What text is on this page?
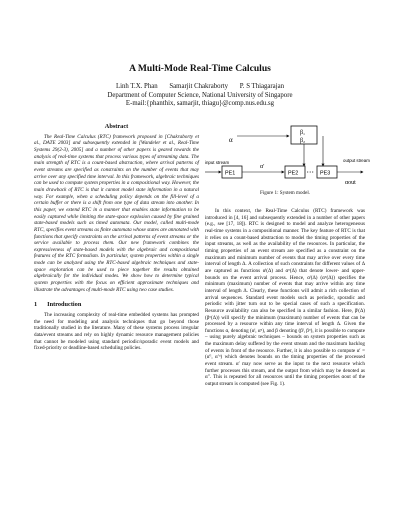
A Multi-Mode Real-Time Calculus
Linh T.X. Phan Samarjit Chakraborty P. S Thiagarajan
Department of Computer Science, National University of Singapore
E-mail:{phanthix, samarjit, thiagu}@comp.nus.edu.sg
Abstract
The Real-Time Calculus (RTC) framework proposed in [Chakraborty et al., DATE 2003] and subsequently extended in [Wandeler et al., Real-Time Systems 29(2-3), 2005] and a number of other papers is geared towards the analysis of real-time systems that process various types of streaming data. The main strength of RTC is a count-based abstraction, where arrival patterns of event streams are specified as constraints on the number of events that may arrive over any specified time interval. In this framework, algebraic techniques can be used to compute system properties in a compositional way. However, the main drawback of RTC is that it cannot model state information in a natural way. For example, when a scheduling policy depends on the fill-level of a certain buffer or there is a shift from one type of data stream into another. In this paper, we extend RTC in a manner that enables state information to be easily captured while limiting the state-space explosion caused by fine grained state-based models such as timed automata. Our model, called multi-mode RTC, specifies event streams as finite automata whose states are annotated with functions that specify constraints on the arrival patterns of event streams or the service available to process them. Our new framework combines the expressiveness of state-based models with the algebraic and compositional features of the RTC formalism. In particular, system properties within a single mode can be analyzed using the RTC-based algebraic techniques and state-space exploration can be used to piece together the results obtained algebraically for the individual modes. We show how to determine typical system properties with the focus on efficient approximate techniques and illustrate the advantages of multi-mode RTC using two case studies.
1 Introduction
The increasing complexity of real-time embedded systems has prompted the need for modeling and analysis techniques that go beyond those traditionally studied in the literature. Many of these systems process irregular data/event streams and rely on highly dynamic resource management policies that cannot be modeled using standard periodic/sporadic event models and fixed-priority or deadline-based scheduling policies.
β₁
β₂
α
input stream
PE1
α′
PE2 • • • PE3
output stream
αout
Figure 1: System model.
In this context, the Real-Time Calculus (RTC) framework was introduced in [4, 16] and subsequently extended in a number of other papers (e.g., see [17, 18]). RTC is designed to model and analyze heterogeneous real-time systems in a compositional manner. The key feature of RTC is that it relies on a count-based abstraction to model the timing properties of the input streams, as well as the availability of the resources. In particular, the timing properties of an event stream are specified as a constraint on the maximum and minimum number of events that may arrive over every time interval of length Δ. A collection of such constraints for different values of Δ are captured as functions αˡ(Δ) and αᵘ(Δ) that denote lower- and upper-bounds on the event arrival process. Hence, αˡ(Δ) (αᵘ(Δ)) specifies the minimum (maximum) number of events that may arrive within any time interval of length Δ. Clearly, these functions will admit a rich collection of arrival sequences. Standard event models such as periodic, sporadic and periodic with jitter turn out to be special cases of such a specification. Resource availability can also be specified in a similar fashion. Here, βˡ(Δ) (βᵘ(Δ)) will specify the minimum (maximum) number of events that can be processed by a resource within any time interval of length Δ. Given the functions α, denoting (αˡ, αᵘ), and β denoting (βˡ, βᵘ), it is possible to compute – using purely algebraic techniques – bounds on system properties such as the maximum delay suffered by the event stream and the maximum backlog of events in front of the resource. Further, it is also possible to compute α′ = (α′ˡ, α′ᵘ) which denotes bounds on the timing properties of the processed event stream. α′ may now serve as the input to the next resource which further processes this stream, and the output from which may be denoted as α″. This is repeated for all resources until the timing properties αout of the output stream is computed (see Fig. 1).
